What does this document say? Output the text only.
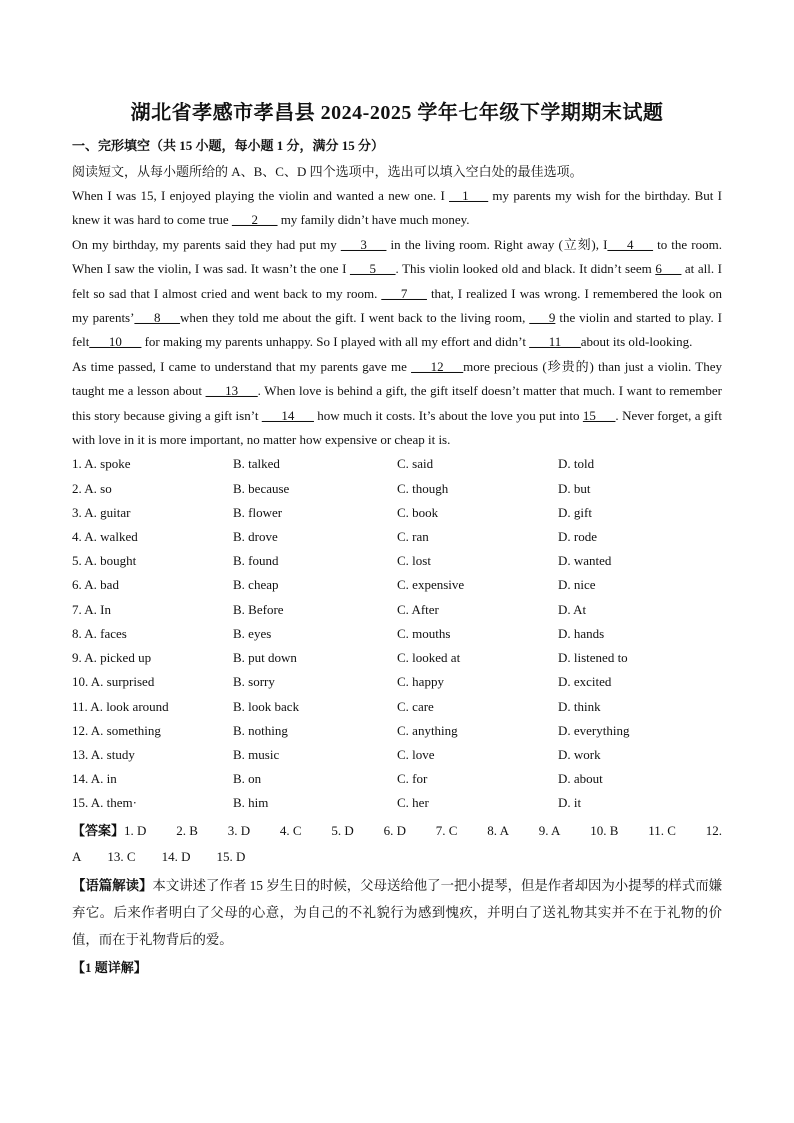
湖北省孝感市孝昌县 2024-2025 学年七年级下学期期末试题
一、完形填空（共 15 小题，每小题 1 分，满分 15 分）

阅读短文，从每小题所给的 A、B、C、D 四个选项中，选出可以填入空白处的最佳选项。

When I was 15, I enjoyed playing the violin and wanted a new one. I __1___ my parents my wish for the birthday. But I knew it was hard to come true ___2___ my family didn’t have much money.

On my birthday, my parents said they had put my ___3___ in the living room. Right away (立刻), I___4___ to the room. When I saw the violin, I was sad. It wasn’t the one I ___5___. This violin looked old and black. It didn’t seem 6___ at all. I felt so sad that I almost cried and went back to my room. ___7___ that, I realized I was wrong. I remembered the look on my parents’___8___when they told me about the gift. I went back to the living room, ___9 the violin and started to play. I felt___10___ for making my parents unhappy. So I played with all my effort and didn’t ___11___about its old-looking.

As time passed, I came to understand that my parents gave me ___12___more precious (珍贵的) than just a violin. They taught me a lesson about ___13___. When love is behind a gift, the gift itself doesn’t matter that much. I want to remember this story because giving a gift isn’t ___14___ how much it costs. It’s about the love you put into 15___. Never forget, a gift with love in it is more important, no matter how expensive or cheap it is.

1. A. spoke	B. talked	C. said	D. told
2. A. so	B. because	C. though	D. but
3. A. guitar	B. flower	C. book	D. gift
4. A. walked	B. drove	C. ran	D. rode
5. A. bought	B. found	C. lost	D. wanted
6. A. bad	B. cheap	C. expensive	D. nice
7. A. In	B. Before	C. After	D. At
8. A. faces	B. eyes	C. mouths	D. hands
9. A. picked up	B. put down	C. looked at	D. listened to
10. A. surprised	B. sorry	C. happy	D. excited
11. A. look around	B. look back	C. care	D. think
12. A. something	B. nothing	C. anything	D. everything
13. A. study	B. music	C. love	D. work
14. A. in	B. on	C. for	D. about
15. A. them·	B. him	C. her	D. it
【答案】1. D 2. B 3. D 4. C 5. D 6. D 7. C 8. A 9. A 10. B 11. C 12.
A 13. C 14. D 15. D
【语篇解读】本文讲述了作者 15 岁生日的时候，父母送给他了一把小提琴，但是作者却因为小提琴的样式而嫌弃它。后来作者明白了父母的心意，为自己的不礼貌行为感到愧疚，并明白了送礼物其实并不在于礼物的价值，而在于礼物背后的爱。
【1 题详解】
